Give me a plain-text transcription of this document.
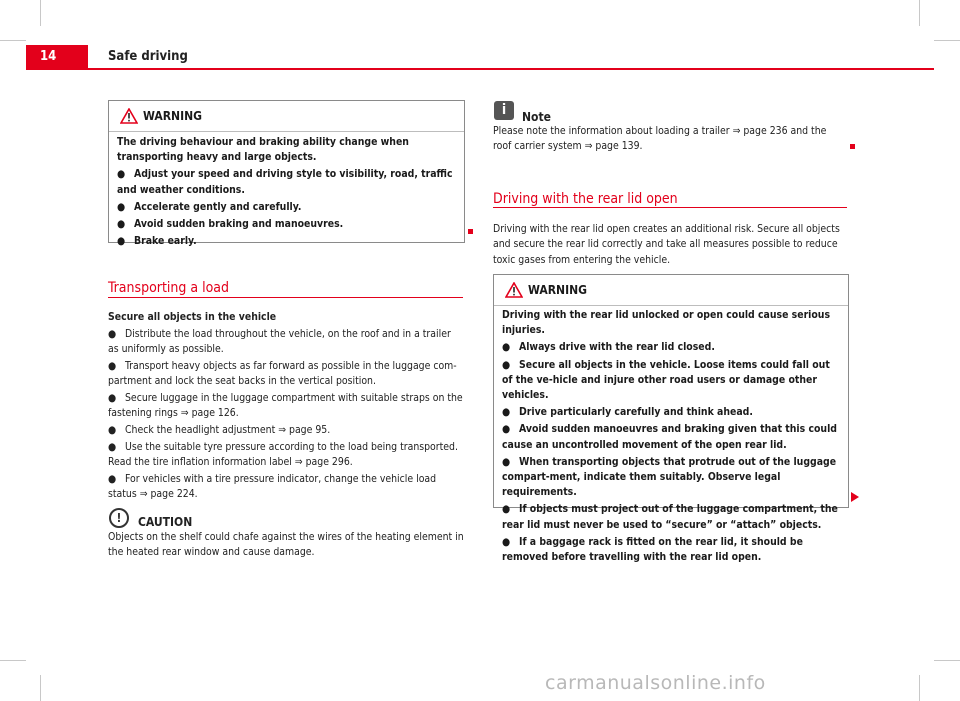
14	Safe driving
WARNING

The driving behaviour and braking ability change when transporting heavy and large objects.

● Adjust your speed and driving style to visibility, road, traffic and weather conditions.

● Accelerate gently and carefully.

● Avoid sudden braking and manoeuvres.

● Brake early.

Transporting a load

Secure all objects in the vehicle

● Distribute the load throughout the vehicle, on the roof and in a trailer as uniformly as possible.

● Transport heavy objects as far forward as possible in the luggage com-partment and lock the seat backs in the vertical position.

● Secure luggage in the luggage compartment with suitable straps on the fastening rings ⇒ page 126.

● Check the headlight adjustment ⇒ page 95.

● Use the suitable tyre pressure according to the load being transported. Read the tire inflation information label ⇒ page 296.

● For vehicles with a tire pressure indicator, change the vehicle load status ⇒ page 224.

!	CAUTION
Objects on the shelf could chafe against the wires of the heating element in the heated rear window and cause damage.
i	Note
Please note the information about loading a trailer ⇒ page 236 and the roof carrier system ⇒ page 139.
Driving with the rear lid open
Driving with the rear lid open creates an additional risk. Secure all objects and secure the rear lid correctly and take all measures possible to reduce toxic gases from entering the vehicle.
WARNING

Driving with the rear lid unlocked or open could cause serious injuries.

● Always drive with the rear lid closed.

● Secure all objects in the vehicle. Loose items could fall out of the ve-hicle and injure other road users or damage other vehicles.

● Drive particularly carefully and think ahead.

● Avoid sudden manoeuvres and braking given that this could cause an uncontrolled movement of the open rear lid.

● When transporting objects that protrude out of the luggage compart-ment, indicate them suitably. Observe legal requirements.

● If objects must project out of the luggage compartment, the rear lid must never be used to “secure” or “attach” objects.

● If a baggage rack is fitted on the rear lid, it should be removed before travelling with the rear lid open.

carmanualsonline.info
